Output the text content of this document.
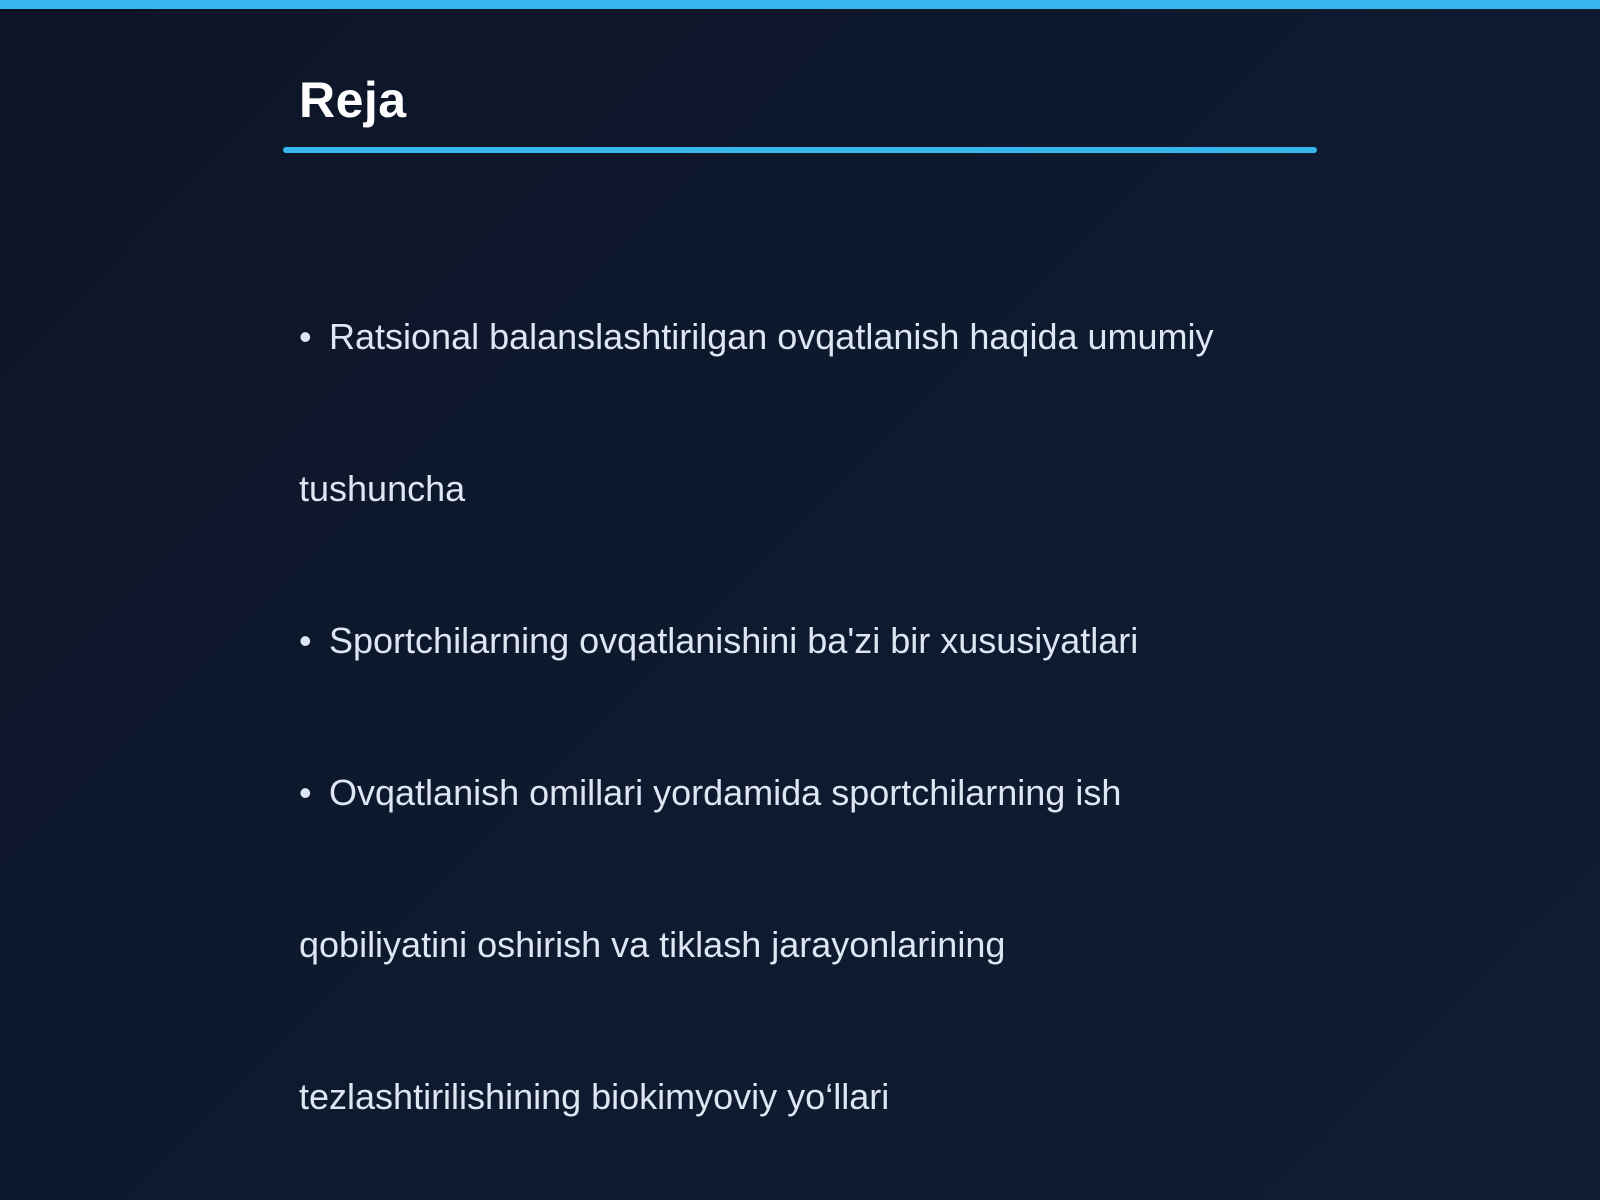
Reja
• Ratsional balanslashtirilgan ovqatlanish haqida umumiy
tushuncha
• Sportchilarning ovqatlanishini ba'zi bir xususiyatlari
• Ovqatlanish omillari yordamida sportchilarning ish
qobiliyatini oshirish va tiklash jarayonlarining
tezlashtirilishining biokimyoviy yo‘llari
